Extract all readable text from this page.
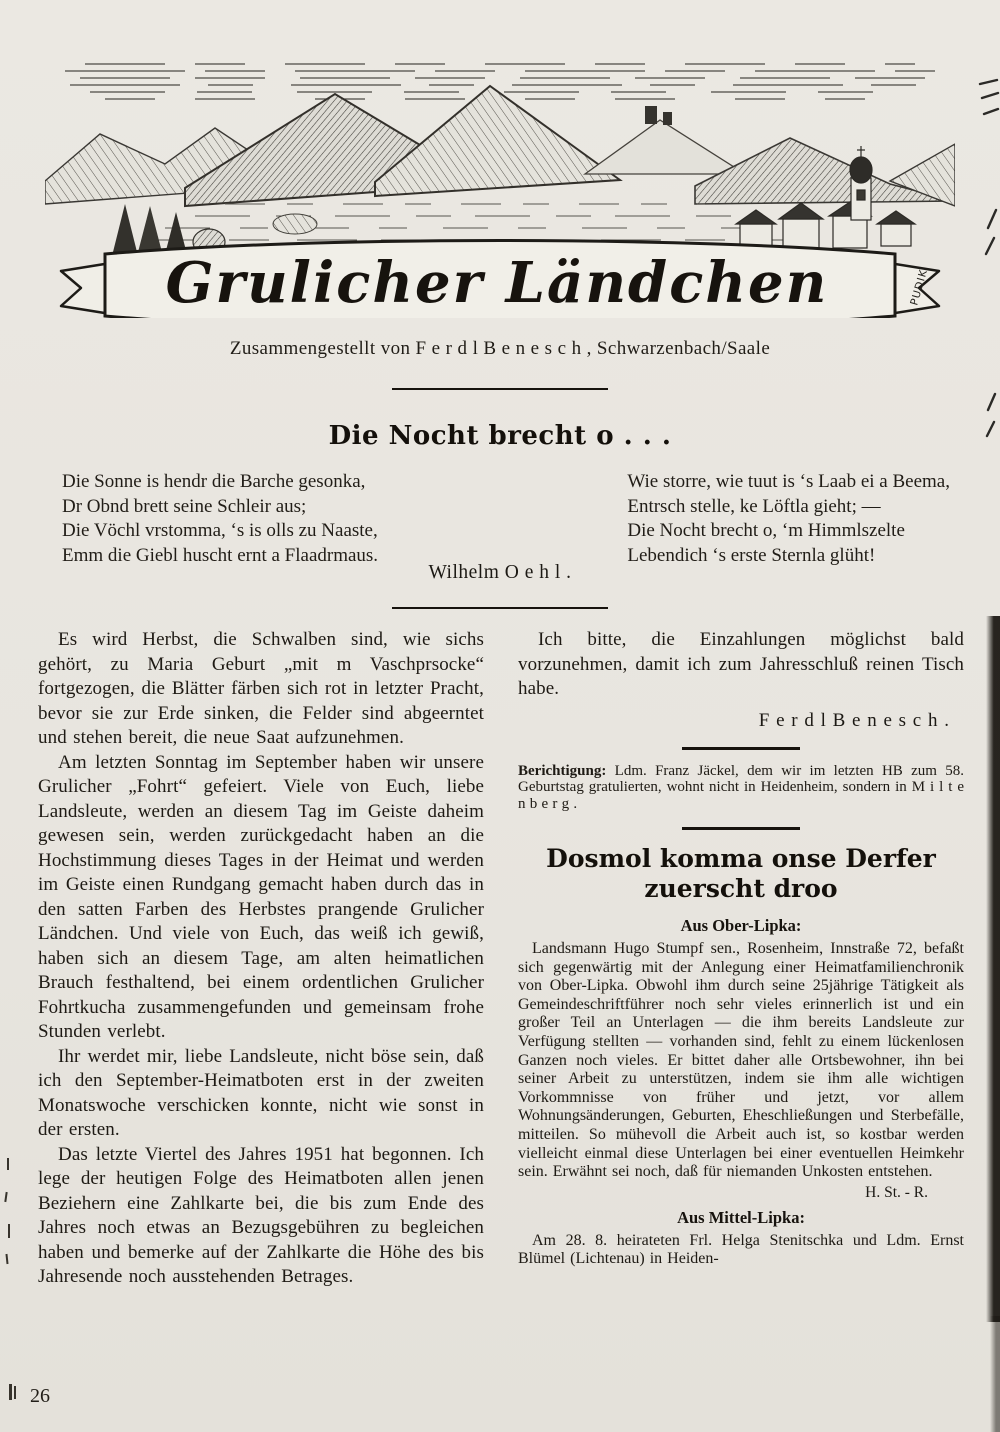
Grulicher Ländchen	PUDIK
Zusammengestellt von F e r d l B e n e s c h , Schwarzenbach/Saale
Die Nocht brecht o . . .
Die Sonne is hendr die Barche gesonka,
Dr Obnd brett seine Schleir aus;
Die Vöchl vrstomma, ‘s is olls zu Naaste,
Emm die Giebl huscht ernt a Flaadrmaus.
Wie storre, wie tuut is ‘s Laab ei a Beema,
Entrsch stelle, ke Löftla gieht; —
Die Nocht brecht o, ‘m Himmlszelte
Lebendich ‘s erste Sternla glüht!
Wilhelm O e h l .

Es wird Herbst, die Schwalben sind, wie sichs gehört, zu Maria Geburt „mit m Vaschprsocke“ fortgezogen, die Blätter färben sich rot in letzter Pracht, bevor sie zur Erde sinken, die Felder sind abgeerntet und stehen bereit, die neue Saat aufzunehmen.

Am letzten Sonntag im September haben wir unsere Grulicher „Fohrt“ gefeiert. Viele von Euch, liebe Landsleute, werden an diesem Tag im Geiste daheim gewesen sein, werden zurückgedacht haben an die Hochstimmung dieses Tages in der Heimat und werden im Geiste einen Rundgang gemacht haben durch das in den satten Farben des Herbstes prangende Grulicher Ländchen. Und viele von Euch, das weiß ich gewiß, haben sich an diesem Tage, am alten heimatlichen Brauch festhaltend, bei einem ordentlichen Grulicher Fohrtkucha zusammengefunden und gemeinsam frohe Stunden verlebt.

Ihr werdet mir, liebe Landsleute, nicht böse sein, daß ich den September-Heimatboten erst in der zweiten Monatswoche verschicken konnte, nicht wie sonst in der ersten.

Das letzte Viertel des Jahres 1951 hat begonnen. Ich lege der heutigen Folge des Heimatboten allen jenen Beziehern eine Zahlkarte bei, die bis zum Ende des Jahres noch etwas an Bezugsgebühren zu begleichen haben und bemerke auf der Zahlkarte die Höhe des bis Jahresende noch ausstehenden Betrages.

Ich bitte, die Einzahlungen möglichst bald vorzunehmen, damit ich zum Jahresschluß reinen Tisch habe.

F e r d l B e n e s c h .

Berichtigung: Ldm. Franz Jäckel, dem wir im letzten HB zum 58. Geburtstag gratulierten, wohnt nicht in Heidenheim, sondern in M i l t e n b e r g .

Dosmol komma onse Derfer
zuerscht droo
Aus Ober-Lipka:

Landsmann Hugo Stumpf sen., Rosenheim, Innstraße 72, befaßt sich gegenwärtig mit der Anlegung einer Heimatfamilienchronik von Ober-Lipka. Obwohl ihm durch seine 25jährige Tätigkeit als Gemeindeschriftführer noch sehr vieles erinnerlich ist und ein großer Teil an Unterlagen — die ihm bereits Landsleute zur Verfügung stellten — vorhanden sind, fehlt zu einem lückenlosen Ganzen noch vieles. Er bittet daher alle Ortsbewohner, ihn bei seiner Arbeit zu unterstützen, indem sie ihm alle wichtigen Vorkommnisse von früher und jetzt, vor allem Wohnungsänderungen, Geburten, Eheschließungen und Sterbefälle, mitteilen. So mühevoll die Arbeit auch ist, so kostbar werden vielleicht einmal diese Unterlagen bei einer eventuellen Heimkehr sein. Erwähnt sei noch, daß für niemanden Unkosten entstehen.

H. St. - R.
Aus Mittel-Lipka:

Am 28. 8. heirateten Frl. Helga Stenitschka und Ldm. Ernst Blümel (Lichtenau) in Heiden-

26
